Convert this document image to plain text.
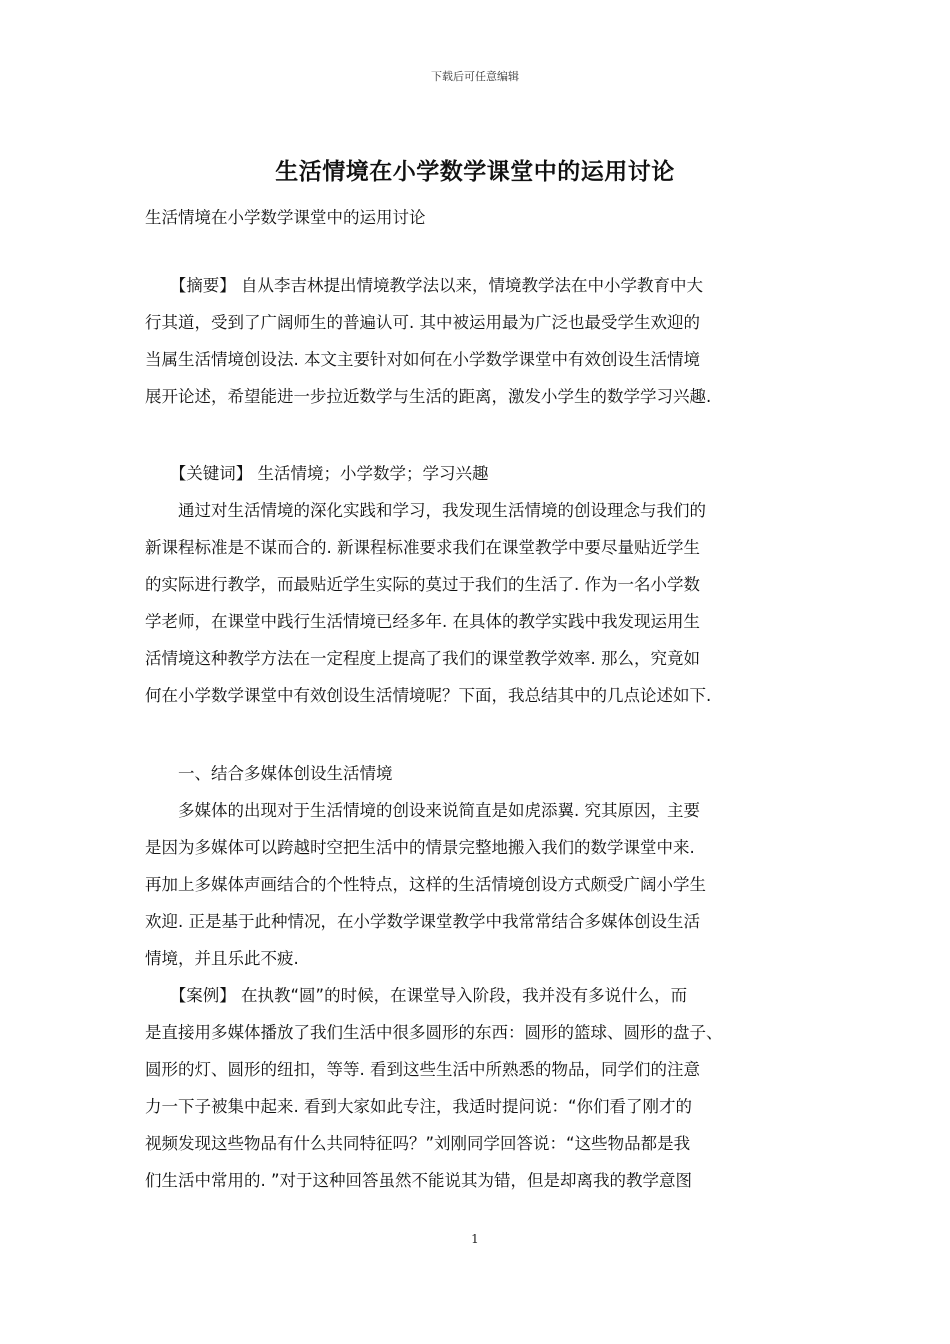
下载后可任意编辑
生活情境在小学数学课堂中的运用讨论
生活情境在小学数学课堂中的运用讨论
　　【摘要】 自从李吉林提出情境教学法以来，情境教学法在中小学教育中大
行其道，受到了广阔师生的普遍认可. 其中被运用最为广泛也最受学生欢迎的
当属生活情境创设法. 本文主要针对如何在小学数学课堂中有效创设生活情境
展开论述，希望能进一步拉近数学与生活的距离，激发小学生的数学学习兴趣.
　　【关键词】 生活情境；小学数学；学习兴趣
　　通过对生活情境的深化实践和学习，我发现生活情境的创设理念与我们的
新课程标准是不谋而合的. 新课程标准要求我们在课堂教学中要尽量贴近学生
的实际进行教学，而最贴近学生实际的莫过于我们的生活了. 作为一名小学数
学老师，在课堂中践行生活情境已经多年. 在具体的教学实践中我发现运用生
活情境这种教学方法在一定程度上提高了我们的课堂教学效率. 那么，究竟如
何在小学数学课堂中有效创设生活情境呢？下面，我总结其中的几点论述如下.
　　一、结合多媒体创设生活情境
　　多媒体的出现对于生活情境的创设来说简直是如虎添翼. 究其原因，主要
是因为多媒体可以跨越时空把生活中的情景完整地搬入我们的数学课堂中来.
再加上多媒体声画结合的个性特点，这样的生活情境创设方式颇受广阔小学生
欢迎. 正是基于此种情况，在小学数学课堂教学中我常常结合多媒体创设生活
情境，并且乐此不疲.
　　【案例】 在执教“圆”的时候，在课堂导入阶段，我并没有多说什么，而
是直接用多媒体播放了我们生活中很多圆形的东西：圆形的篮球、圆形的盘子、
圆形的灯、圆形的纽扣，等等. 看到这些生活中所熟悉的物品，同学们的注意
力一下子被集中起来. 看到大家如此专注，我适时提问说：“你们看了刚才的
视频发现这些物品有什么共同特征吗？”刘刚同学回答说：“这些物品都是我
们生活中常用的. ”对于这种回答虽然不能说其为错，但是却离我的教学意图
1
